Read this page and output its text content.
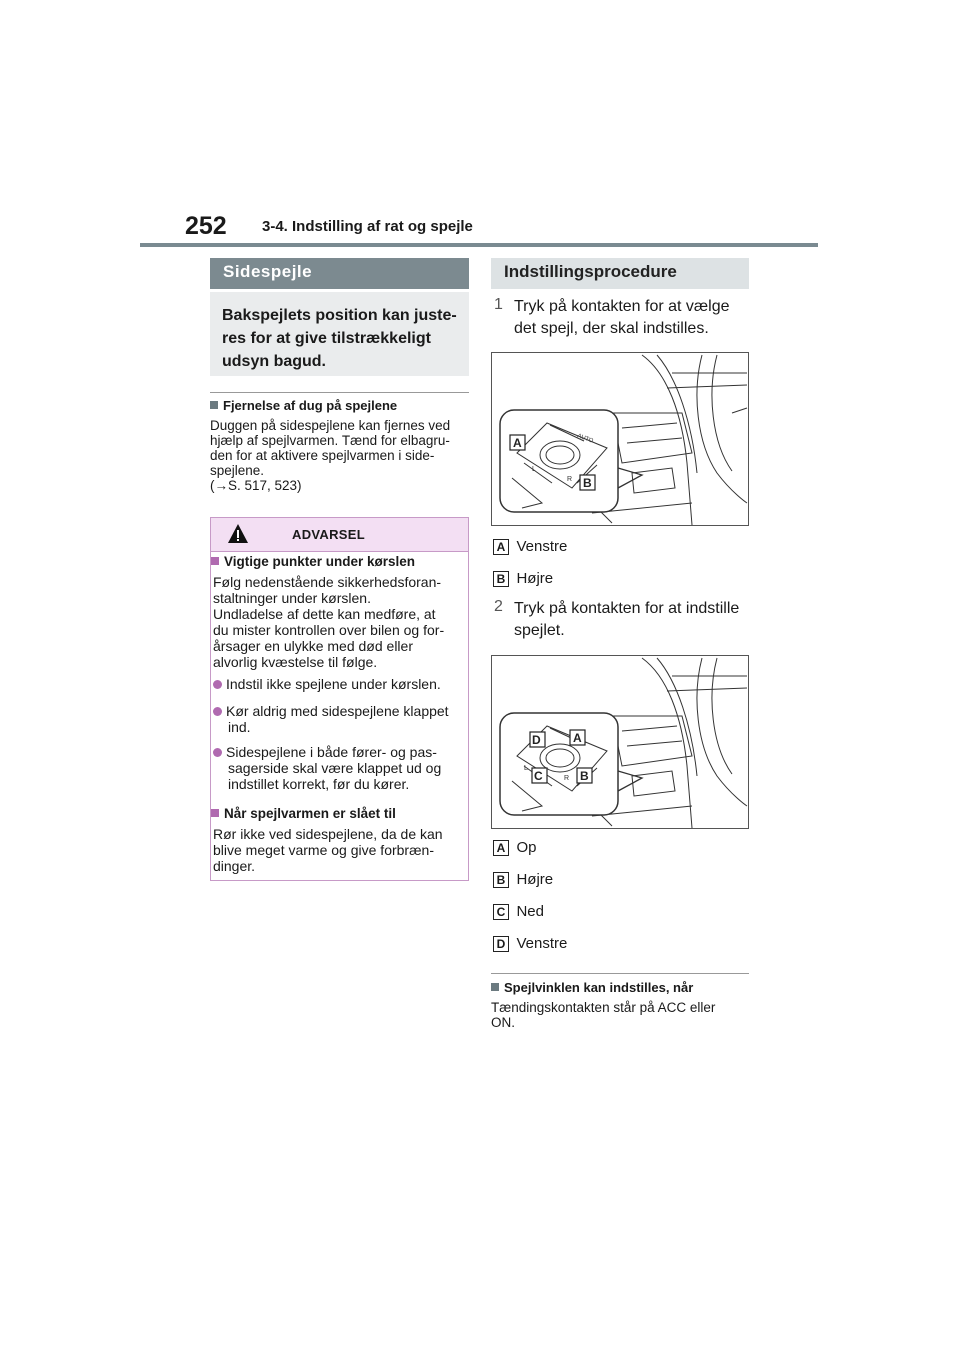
252 3-4. Indstilling af rat og spejle
Sidespejle
Bakspejlets position kan juste-
res for at give tilstrækkeligt
udsyn bagud.
Fjernelse af dug på spejlene
Duggen på sidespejlene kan fjernes ved
hjælp af spejlvarmen. Tænd for elbagru-
den for at aktivere spejlvarmen i side-
spejlene.
(→S. 517, 523)
ADVARSEL
Vigtige punkter under kørslen
Følg nedenstående sikkerhedsforan-
staltninger under kørslen.
Undladelse af dette kan medføre, at
du mister kontrollen over bilen og for-
årsager en ulykke med død eller
alvorlig kvæstelse til følge.
Indstil ikke spejlene under kørslen.
Kør aldrig med sidespejlene klappet
ind.
Sidespejlene i både fører- og pas-
sagerside skal være klappet ud og
indstillet korrekt, før du kører.
Når spejlvarmen er slået til
Rør ikke ved sidespejlene, da de kan
blive meget varme og give forbræn-
dinger.
Indstillingsprocedure
1 Tryk på kontakten for at vælge
det spejl, der skal indstilles.
AUTO
L
R
A
B
A Venstre
B Højre
2 Tryk på kontakten for at indstille
spejlet.
L
R
D	A
C	B
A Op
B Højre
C Ned
D Venstre
Spejlvinklen kan indstilles, når
Tændingskontakten står på ACC eller
ON.
